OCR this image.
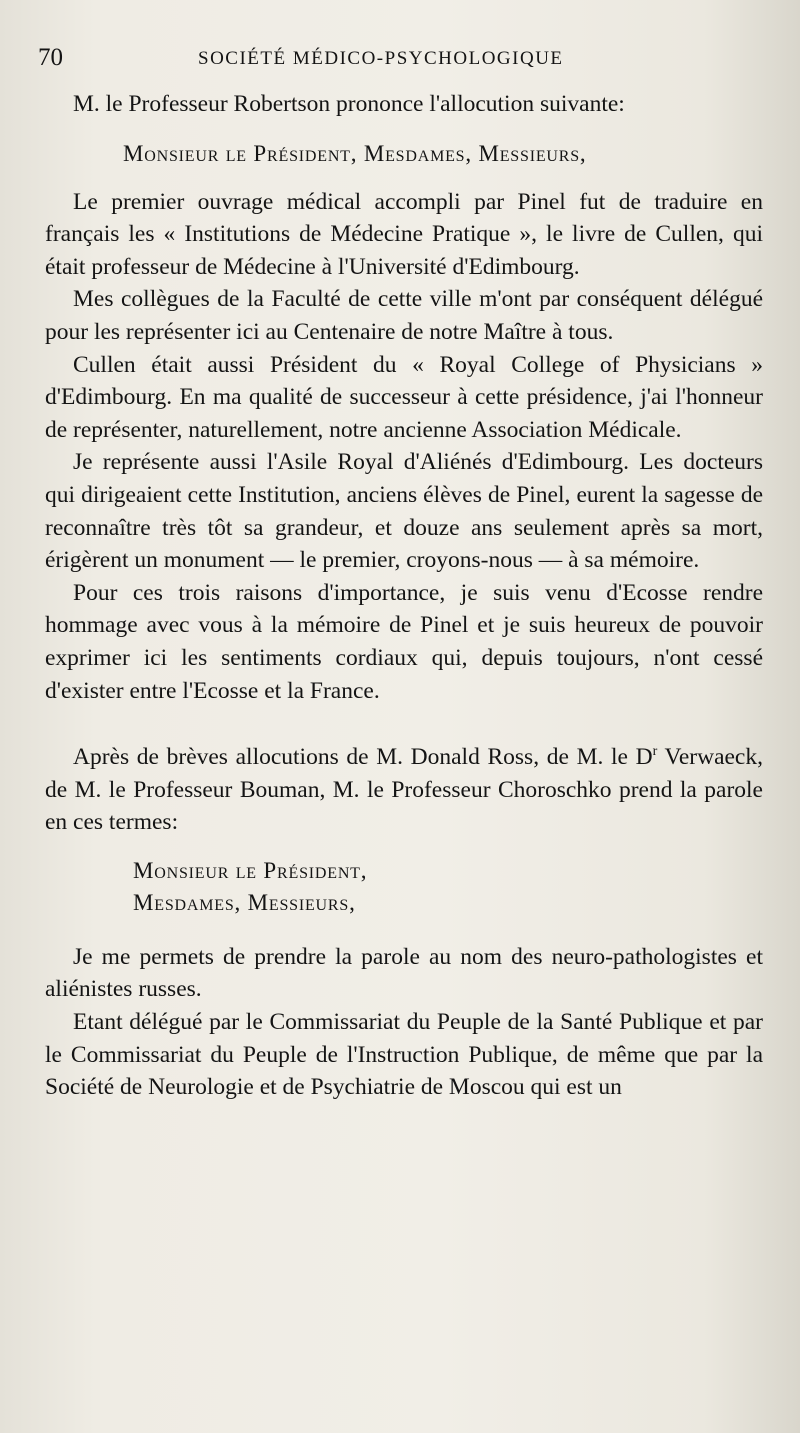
70	SOCIÉTÉ MÉDICO-PSYCHOLOGIQUE

M. le Professeur Robertson prononce l'allocution suivante:

Monsieur le Président, Mesdames, Messieurs,

Le premier ouvrage médical accompli par Pinel fut de traduire en français les « Institutions de Médecine Pratique », le livre de Cullen, qui était professeur de Médecine à l'Université d'Edimbourg.

Mes collègues de la Faculté de cette ville m'ont par conséquent délégué pour les représenter ici au Centenaire de notre Maître à tous.

Cullen était aussi Président du « Royal College of Physicians » d'Edimbourg. En ma qualité de successeur à cette présidence, j'ai l'honneur de représenter, naturellement, notre ancienne Association Médicale.

Je représente aussi l'Asile Royal d'Aliénés d'Edimbourg. Les docteurs qui dirigeaient cette Institution, anciens élèves de Pinel, eurent la sagesse de reconnaître très tôt sa grandeur, et douze ans seulement après sa mort, érigèrent un monument — le premier, croyons-nous — à sa mémoire.

Pour ces trois raisons d'importance, je suis venu d'Ecosse rendre hommage avec vous à la mémoire de Pinel et je suis heureux de pouvoir exprimer ici les sentiments cordiaux qui, depuis toujours, n'ont cessé d'exister entre l'Ecosse et la France.

Après de brèves allocutions de M. Donald Ross, de M. le $D^r$ Verwaeck, de M. le Professeur Bouman, M. le Professeur Choroschko prend la parole en ces termes:

Monsieur le Président,
Mesdames, Messieurs,

Je me permets de prendre la parole au nom des neuro-pathologistes et aliénistes russes.

Etant délégué par le Commissariat du Peuple de la Santé Publique et par le Commissariat du Peuple de l'Instruction Publique, de même que par la Société de Neurologie et de Psychiatrie de Moscou qui est un
